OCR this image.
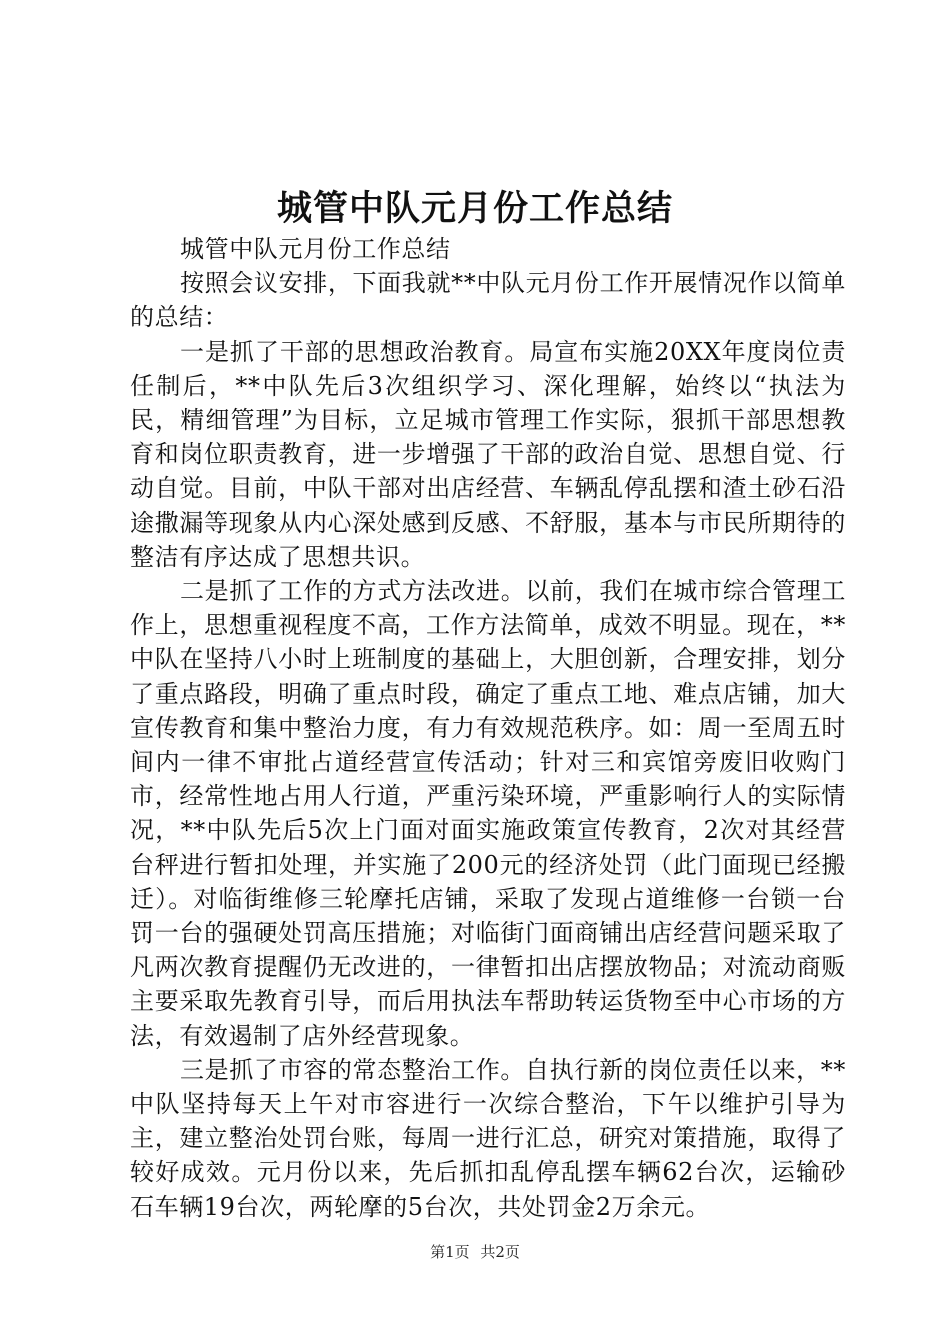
城管中队元月份工作总结

城管中队元月份工作总结

按照会议安排，下面我就**中队元月份工作开展情况作以简单的总结：

一是抓了干部的思想政治教育。局宣布实施20XX年度岗位责任制后，**中队先后3次组织学习、深化理解，始终以“执法为民，精细管理”为目标，立足城市管理工作实际，狠抓干部思想教育和岗位职责教育，进一步增强了干部的政治自觉、思想自觉、行动自觉。目前，中队干部对出店经营、车辆乱停乱摆和渣土砂石沿途撒漏等现象从内心深处感到反感、不舒服，基本与市民所期待的整洁有序达成了思想共识。

二是抓了工作的方式方法改进。以前，我们在城市综合管理工作上，思想重视程度不高，工作方法简单，成效不明显。现在，**中队在坚持八小时上班制度的基础上，大胆创新，合理安排，划分了重点路段，明确了重点时段，确定了重点工地、难点店铺，加大宣传教育和集中整治力度，有力有效规范秩序。如：周一至周五时间内一律不审批占道经营宣传活动；针对三和宾馆旁废旧收购门市，经常性地占用人行道，严重污染环境，严重影响行人的实际情况，**中队先后5次上门面对面实施政策宣传教育，2次对其经营台秤进行暂扣处理，并实施了200元的经济处罚（此门面现已经搬迁）。对临街维修三轮摩托店铺，采取了发现占道维修一台锁一台罚一台的强硬处罚高压措施；对临街门面商铺出店经营问题采取了凡两次教育提醒仍无改进的，一律暂扣出店摆放物品；对流动商贩主要采取先教育引导，而后用执法车帮助转运货物至中心市场的方法，有效遏制了店外经营现象。

三是抓了市容的常态整治工作。自执行新的岗位责任以来，**中队坚持每天上午对市容进行一次综合整治，下午以维护引导为主，建立整治处罚台账，每周一进行汇总，研究对策措施，取得了较好成效。元月份以来，先后抓扣乱停乱摆车辆62台次，运输砂石车辆19台次，两轮摩的5台次，共处罚金2万余元。

第1页 共2页
